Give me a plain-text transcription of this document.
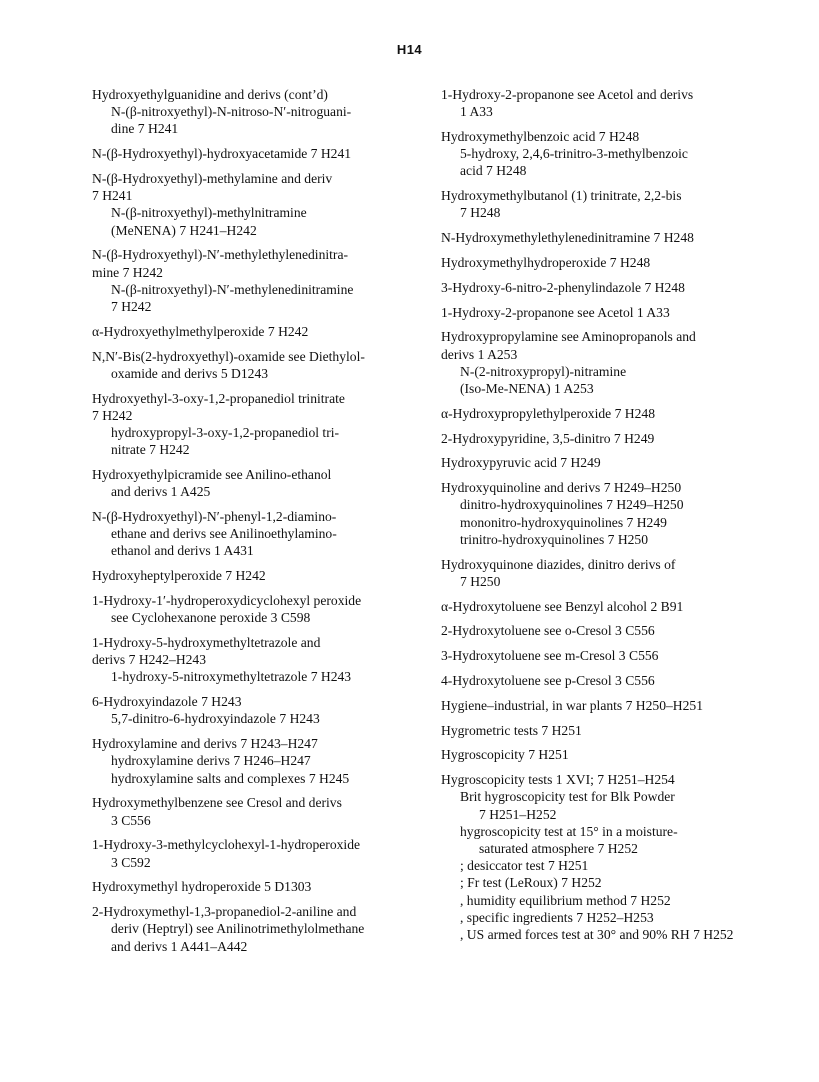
H14
Hydroxyethylguanidine and derivs (cont’d)
N-(β-nitroxyethyl)-N-nitroso-N′-nitroguani-
dine 7 H241
N-(β-Hydroxyethyl)-hydroxyacetamide 7 H241
N-(β-Hydroxyethyl)-methylamine and deriv
7 H241
N-(β-nitroxyethyl)-methylnitramine
(MeNENA) 7 H241–H242
N-(β-Hydroxyethyl)-N′-methylethylenedinitra-
mine 7 H242
N-(β-nitroxyethyl)-N′-methylenedinitramine
7 H242
α-Hydroxyethylmethylperoxide 7 H242
N,N′-Bis(2-hydroxyethyl)-oxamide see Diethylol-
oxamide and derivs 5 D1243
Hydroxyethyl-3-oxy-1,2-propanediol trinitrate
7 H242
hydroxypropyl-3-oxy-1,2-propanediol tri-
nitrate 7 H242
Hydroxyethylpicramide see Anilino-ethanol
and derivs 1 A425
N-(β-Hydroxyethyl)-N′-phenyl-1,2-diamino-
ethane and derivs see Anilinoethylamino-
ethanol and derivs 1 A431
Hydroxyheptylperoxide 7 H242
1-Hydroxy-1′-hydroperoxydicyclohexyl peroxide
see Cyclohexanone peroxide 3 C598
1-Hydroxy-5-hydroxymethyltetrazole and
derivs 7 H242–H243
1-hydroxy-5-nitroxymethyltetrazole 7 H243
6-Hydroxyindazole 7 H243
5,7-dinitro-6-hydroxyindazole 7 H243
Hydroxylamine and derivs 7 H243–H247
hydroxylamine derivs 7 H246–H247
hydroxylamine salts and complexes 7 H245
Hydroxymethylbenzene see Cresol and derivs
3 C556
1-Hydroxy-3-methylcyclohexyl-1-hydroperoxide
3 C592
Hydroxymethyl hydroperoxide 5 D1303
2-Hydroxymethyl-1,3-propanediol-2-aniline and
deriv (Heptryl) see Anilinotrimethylolmethane
and derivs 1 A441–A442
1-Hydroxy-2-propanone see Acetol and derivs
1 A33
Hydroxymethylbenzoic acid 7 H248
5-hydroxy, 2,4,6-trinitro-3-methylbenzoic
acid 7 H248
Hydroxymethylbutanol (1) trinitrate, 2,2-bis
7 H248
N-Hydroxymethylethylenedinitramine 7 H248
Hydroxymethylhydroperoxide 7 H248
3-Hydroxy-6-nitro-2-phenylindazole 7 H248
1-Hydroxy-2-propanone see Acetol 1 A33
Hydroxypropylamine see Aminopropanols and
derivs 1 A253
N-(2-nitroxypropyl)-nitramine
(Iso-Me-NENA) 1 A253
α-Hydroxypropylethylperoxide 7 H248
2-Hydroxypyridine, 3,5-dinitro 7 H249
Hydroxypyruvic acid 7 H249
Hydroxyquinoline and derivs 7 H249–H250
dinitro-hydroxyquinolines 7 H249–H250
mononitro-hydroxyquinolines 7 H249
trinitro-hydroxyquinolines 7 H250
Hydroxyquinone diazides, dinitro derivs of
7 H250
α-Hydroxytoluene see Benzyl alcohol 2 B91
2-Hydroxytoluene see o-Cresol 3 C556
3-Hydroxytoluene see m-Cresol 3 C556
4-Hydroxytoluene see p-Cresol 3 C556
Hygiene–industrial, in war plants 7 H250–H251
Hygrometric tests 7 H251
Hygroscopicity 7 H251
Hygroscopicity tests 1 XVI; 7 H251–H254
Brit hygroscopicity test for Blk Powder
7 H251–H252
hygroscopicity test at 15° in a moisture-
saturated atmosphere 7 H252
; desiccator test 7 H251
; Fr test (LeRoux) 7 H252
, humidity equilibrium method 7 H252
, specific ingredients 7 H252–H253
, US armed forces test at 30° and 90% RH 7 H252
